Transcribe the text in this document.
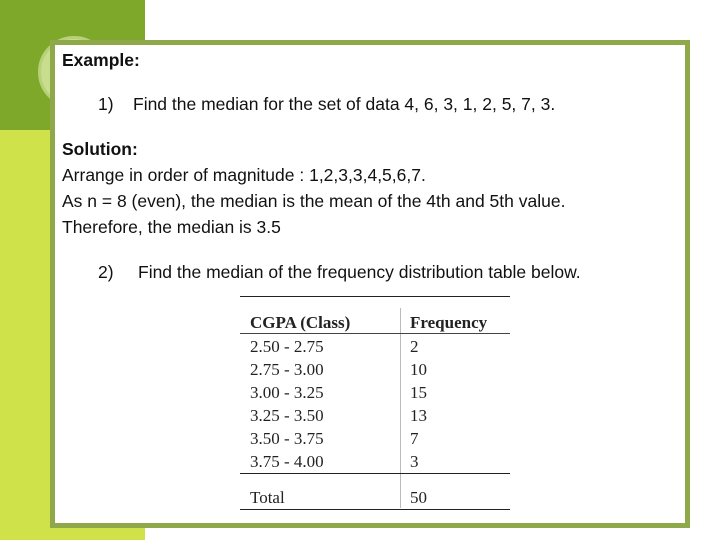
Example:
1) Find the median for the set of data 4, 6, 3, 1, 2, 5, 7, 3.
Solution:
Arrange in order of magnitude : 1,2,3,3,4,5,6,7.
As n = 8 (even), the median is the mean of the 4th and 5th value.
Therefore, the median is 3.5
2) Find the median of the frequency distribution table below.
CGPA (Class)	Frequency
2.50 - 2.75	2
2.75 - 3.00	10
3.00 - 3.25	15
3.25 - 3.50	13
3.50 - 3.75	7
3.75 - 4.00	3
Total	50
